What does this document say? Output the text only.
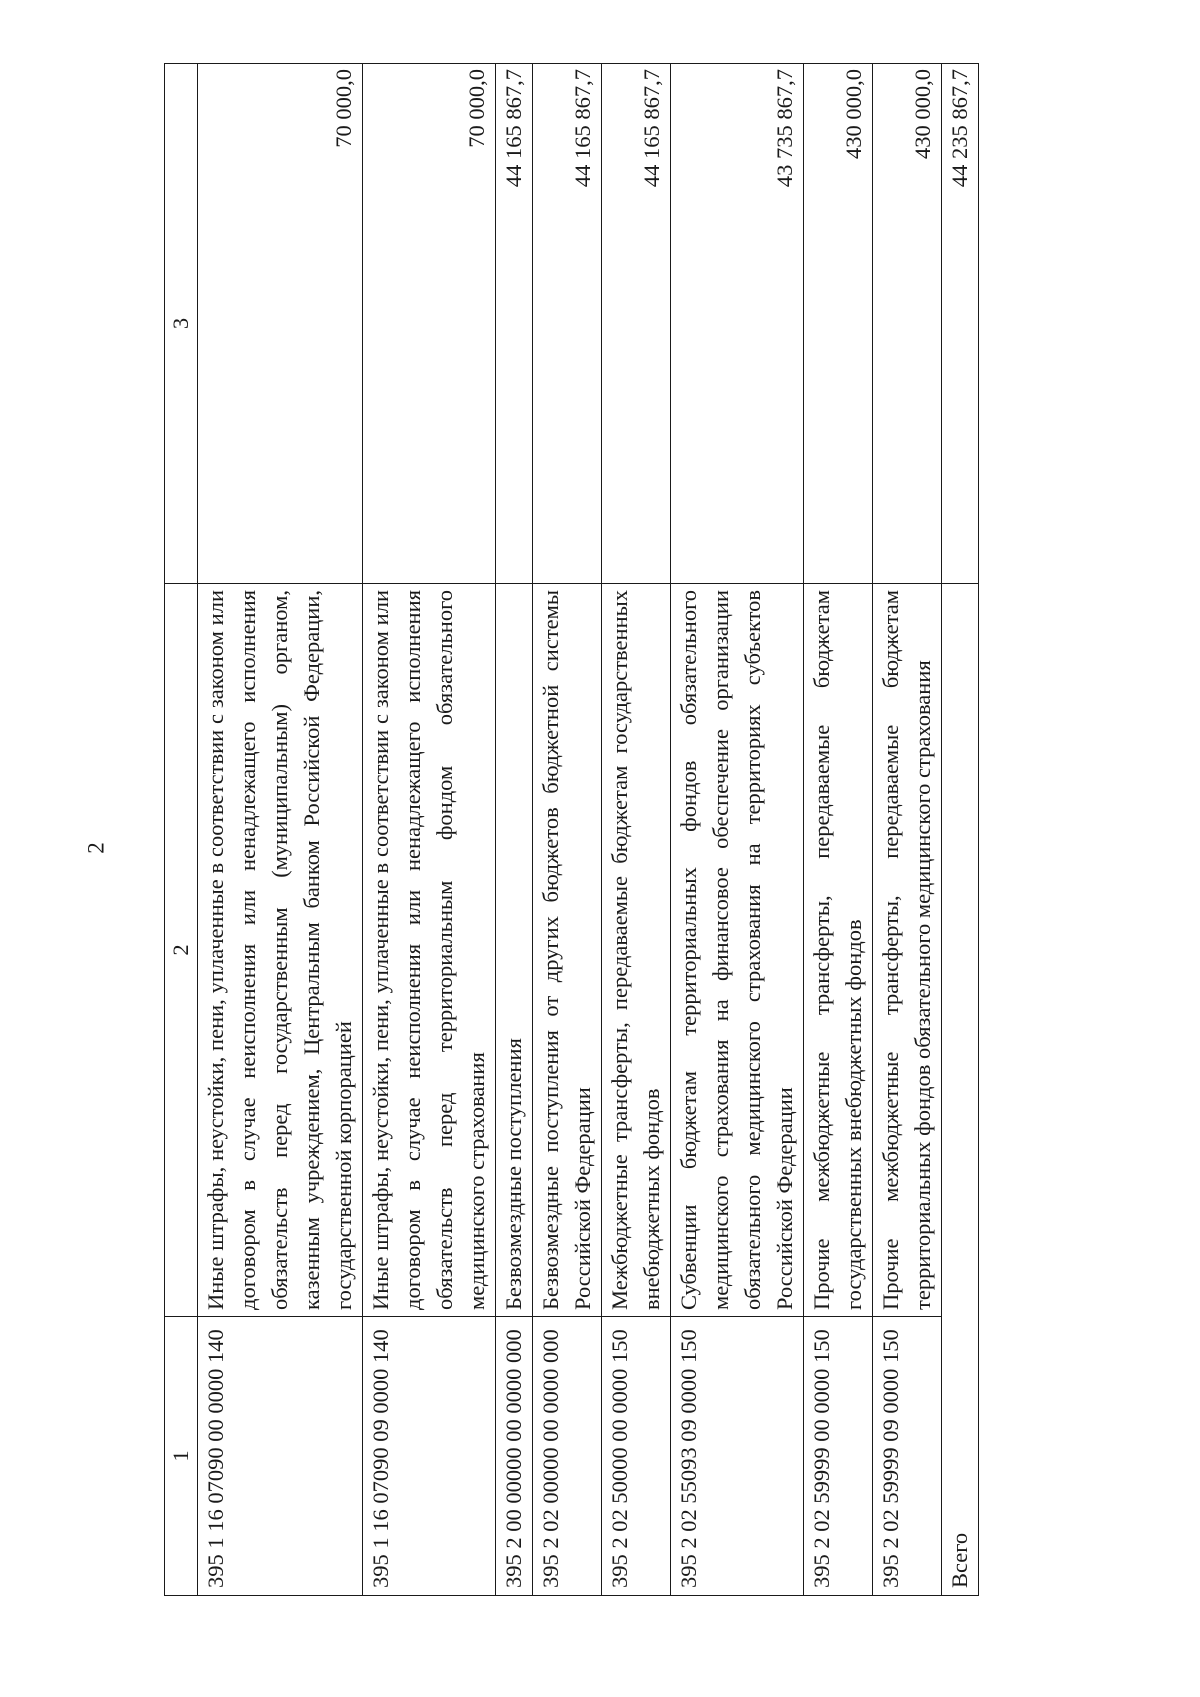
2
1	2	3
395 1 16 07090 00 0000 140	Иные штрафы, неустойки, пени, уплаченные в соответствии с законом или договором в случае неисполнения или ненадлежащего исполнения обязательств перед государственным (муниципальным) органом, казенным учреждением, Центральным банком Российской Федерации, государственной корпорацией	70 000,0
395 1 16 07090 09 0000 140	Иные штрафы, неустойки, пени, уплаченные в соответствии с законом или договором в случае неисполнения или ненадлежащего исполнения обязательств перед территориальным фондом обязательного медицинского страхования	70 000,0
395 2 00 00000 00 0000 000	Безвозмездные поступления	44 165 867,7
395 2 02 00000 00 0000 000	Безвозмездные поступления от других бюджетов бюджетной системы Российской Федерации	44 165 867,7
395 2 02 50000 00 0000 150	Межбюджетные трансферты, передаваемые бюджетам государственных внебюджетных фондов	44 165 867,7
395 2 02 55093 09 0000 150	Субвенции бюджетам территориальных фондов обязательного медицинского страхования на финансовое обеспечение организации обязательного медицинского страхования на территориях субъектов Российской Федерации	43 735 867,7
395 2 02 59999 00 0000 150	Прочие межбюджетные трансферты, передаваемые бюджетам государственных внебюджетных фондов	430 000,0
395 2 02 59999 09 0000 150	Прочие межбюджетные трансферты, передаваемые бюджетам территориальных фондов обязательного медицинского страхования	430 000,0
Всего		44 235 867,7
